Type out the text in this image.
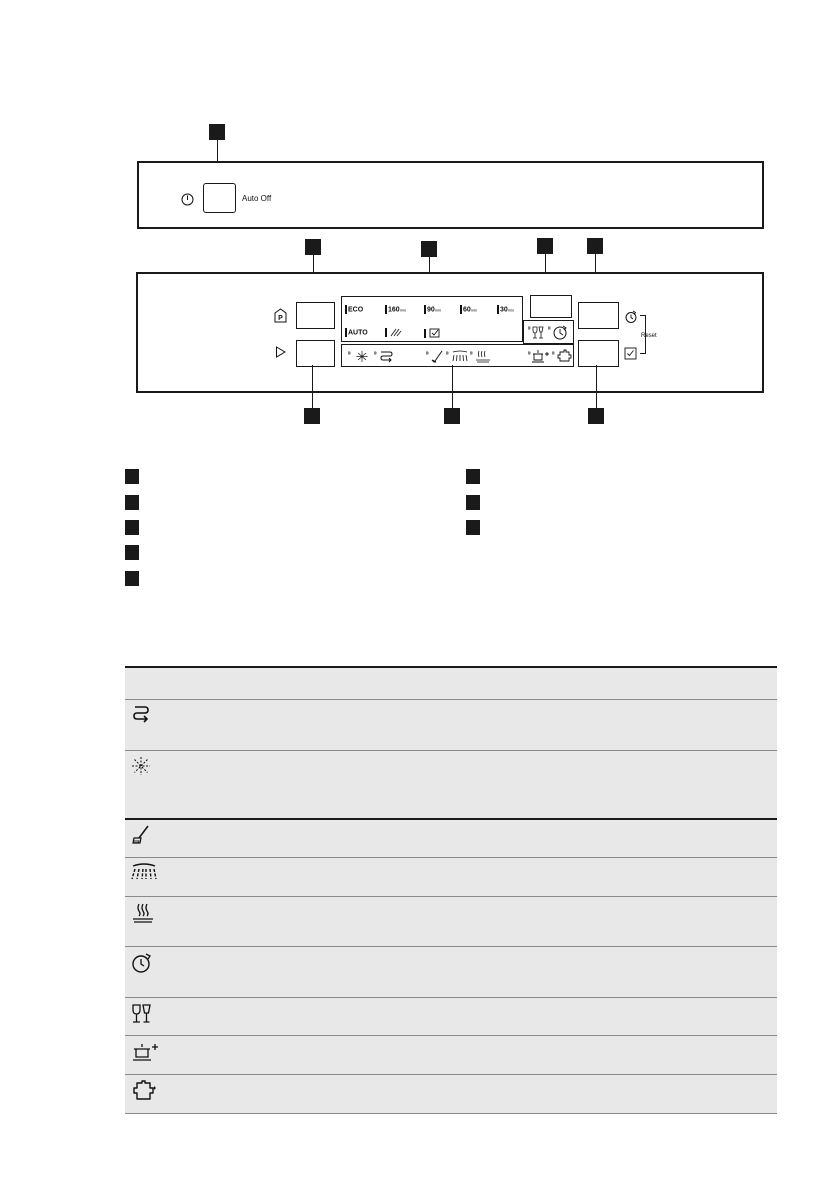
Auto Off
P
ECO	160min	90min	60min	30min
AUTO

	Reset
